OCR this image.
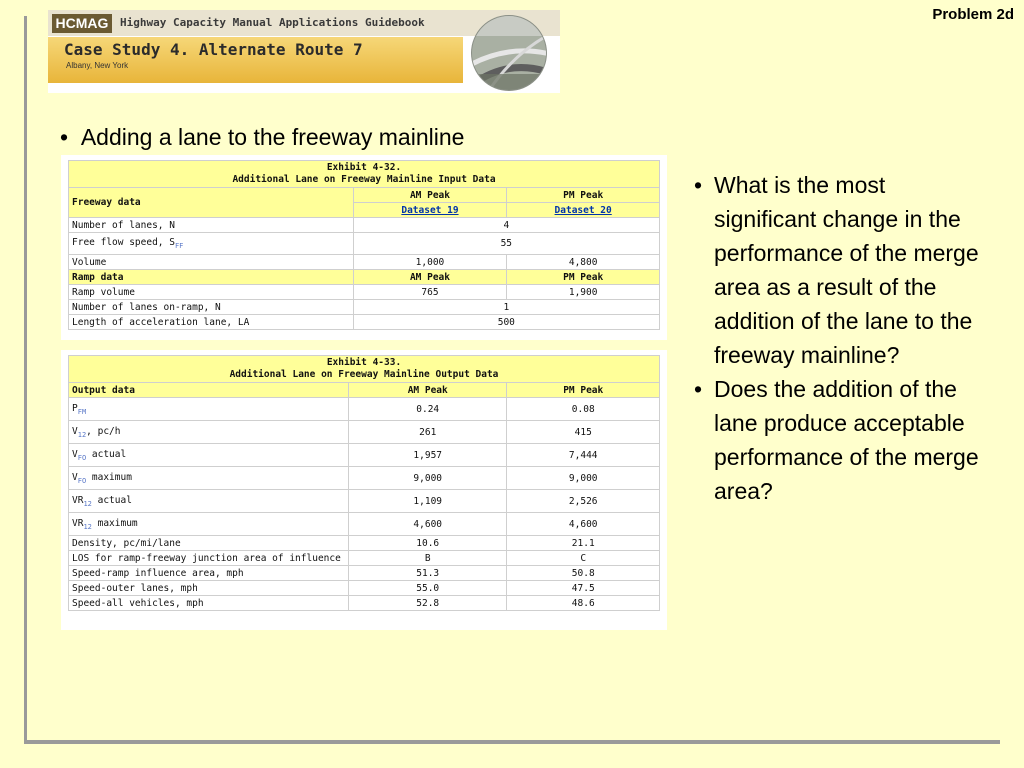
Problem 2d
HCMAG	Highway Capacity Manual Applications Guidebook
Case Study 4. Alternate Route 7
Albany, New York
• Adding a lane to the freeway mainline
Exhibit 4-32.
Additional Lane on Freeway Mainline Input Data		
Freeway data	AM Peak	PM Peak
	Dataset 19	Dataset 20
Number of lanes, N	4	
Free flow speed, $S_{FF}$	55	
Volume	1,000	4,800
Ramp data	AM Peak	PM Peak
Ramp volume	765	1,900
Number of lanes on-ramp, N	1	
Length of acceleration lane, LA	500	
Exhibit 4-33.
Additional Lane on Freeway Mainline Output Data		
Output data	AM Peak	PM Peak
$P_{FM}$	0.24	0.08
$V_{12}$, pc/h	261	415
$V_{FO}$ actual	1,957	7,444
$V_{FO}$ maximum	9,000	9,000
$VR_{12}$ actual	1,109	2,526
$VR_{12}$ maximum	4,600	4,600
Density, pc/mi/lane	10.6	21.1
LOS for ramp-freeway junction area of influence	B	C
Speed-ramp influence area, mph	51.3	50.8
Speed-outer lanes, mph	55.0	47.5
Speed-all vehicles, mph	52.8	48.6
• What is the most significant change in the performance of the merge area as a result of the addition of the lane to the freeway mainline?
• Does the addition of the lane produce acceptable performance of the merge area?
